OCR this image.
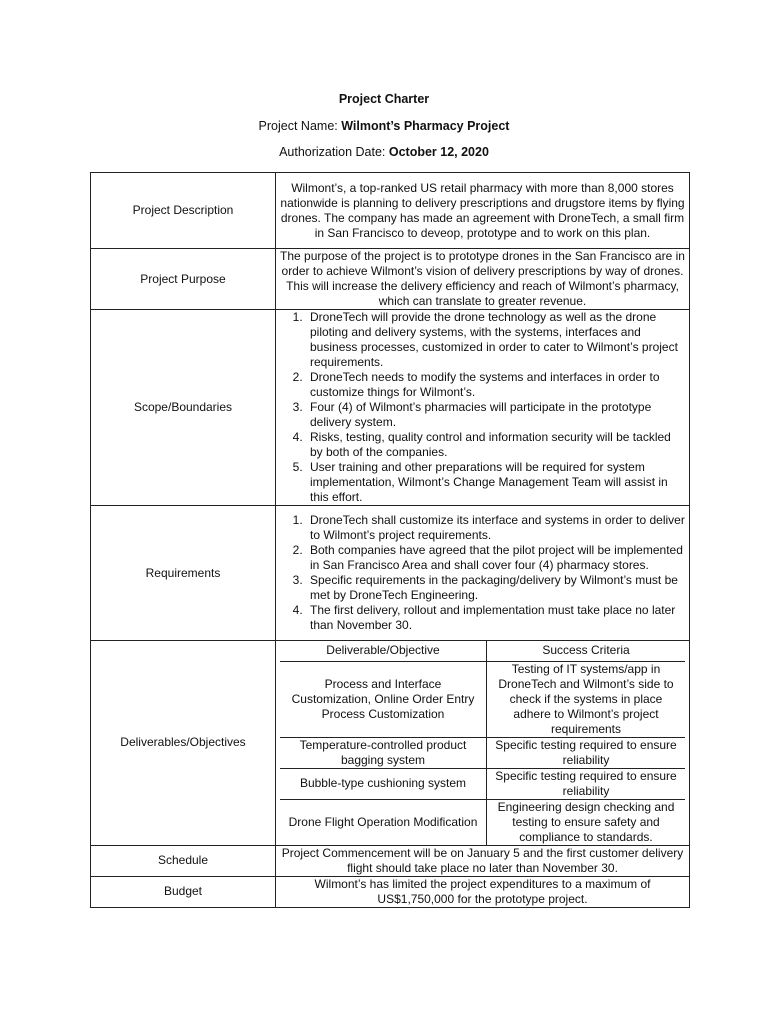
Project Charter
Project Name: Wilmont’s Pharmacy Project
Authorization Date: October 12, 2020
Project Description	Wilmont’s, a top-ranked US retail pharmacy with more than 8,000 stores nationwide is planning to delivery prescriptions and drugstore items by flying drones. The company has made an agreement with DroneTech, a small firm in San Francisco to deveop, prototype and to work on this plan.
Project Purpose	The purpose of the project is to prototype drones in the San Francisco are in order to achieve Wilmont’s vision of delivery prescriptions by way of drones. This will increase the delivery efficiency and reach of Wilmont’s pharmacy, which can translate to greater revenue.
Scope/Boundaries	
1. DroneTech will provide the drone technology as well as the drone piloting and delivery systems, with the systems, interfaces and business processes, customized in order to cater to Wilmont’s project requirements.
2. DroneTech needs to modify the systems and interfaces in order to customize things for Wilmont’s.
3. Four (4) of Wilmont’s pharmacies will participate in the prototype delivery system.
4. Risks, testing, quality control and information security will be tackled by both of the companies.
5. User training and other preparations will be required for system implementation, Wilmont’s Change Management Team will assist in this effort.

Requirements	
1. DroneTech shall customize its interface and systems in order to deliver to Wilmont’s project requirements.
2. Both companies have agreed that the pilot project will be implemented in San Francisco Area and shall cover four (4) pharmacy stores.
3. Specific requirements in the packaging/delivery by Wilmont’s must be met by DroneTech Engineering.
4. The first delivery, rollout and implementation must take place no later than November 30.

Deliverables/Objectives	
Deliverable/Objective	Success Criteria
Process and Interface Customization, Online Order Entry Process Customization	Testing of IT systems/app in DroneTech and Wilmont’s side to check if the systems in place adhere to Wilmont’s project requirements
Temperature-controlled product bagging system	Specific testing required to ensure reliability
Bubble-type cushioning system	Specific testing required to ensure reliability
Drone Flight Operation Modification	Engineering design checking and testing to ensure safety and compliance to standards.

Schedule	Project Commencement will be on January 5 and the first customer delivery flight should take place no later than November 30.
Budget	Wilmont’s has limited the project expenditures to a maximum of US$1,750,000 for the prototype project.
